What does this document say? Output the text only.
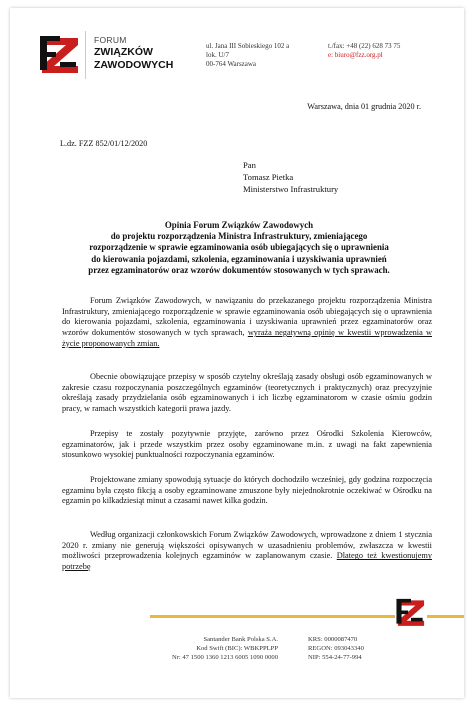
FORUM
ZWIĄZKÓW
ZAWODOWYCH
ul. Jana III Sobieskiego 102 a
lok. U/7
00-764 Warszawa
t./fax: +48 (22) 628 73 75
e: biuro@fzz.org.pl
Warszawa, dnia 01 grudnia 2020 r.
L.dz. FZZ 852/01/12/2020
Pan
Tomasz Pietka
Ministerstwo Infrastruktury
Opinia Forum Związków Zawodowych
do projektu rozporządzenia Ministra Infrastruktury, zmieniającego
rozporządzenie w sprawie egzaminowania osób ubiegających się o uprawnienia
do kierowania pojazdami, szkolenia, egzaminowania i uzyskiwania uprawnień
przez egzaminatorów oraz wzorów dokumentów stosowanych w tych sprawach.
Forum Związków Zawodowych, w nawiązaniu do przekazanego projektu rozporządzenia Ministra Infrastruktury, zmieniającego rozporządzenie w sprawie egzaminowania osób ubiegających się o uprawnienia do kierowania pojazdami, szkolenia, egzaminowania i uzyskiwania uprawnień przez egzaminatorów oraz wzorów dokumentów stosowanych w tych sprawach, wyraża negatywną opinię w kwestii wprowadzenia w życie proponowanych zmian.
Obecnie obowiązujące przepisy w sposób czytelny określają zasady obsługi osób egzaminowanych w zakresie czasu rozpoczynania poszczególnych egzaminów (teoretycznych i praktycznych) oraz precyzyjnie określają zasady przydzielania osób egzaminowanych i ich liczbę egzaminatorom w czasie ośmiu godzin pracy, w ramach wszystkich kategorii prawa jazdy.
Przepisy te zostały pozytywnie przyjęte, zarówno przez Ośrodki Szkolenia Kierowców, egzaminatorów, jak i przede wszystkim przez osoby egzaminowane m.in. z uwagi na fakt zapewnienia stosunkowo wysokiej punktualności rozpoczynania egzaminów.
Projektowane zmiany spowodują sytuacje do których dochodziło wcześniej, gdy godzina rozpoczęcia egzaminu była często fikcją a osoby egzaminowane zmuszone były niejednokrotnie oczekiwać w Ośrodku na egzamin po kilkadziesiąt minut a czasami nawet kilka godzin.
Według organizacji członkowskich Forum Związków Zawodowych, wprowadzone z dniem 1 stycznia 2020 r. zmiany nie generują większości opisywanych w uzasadnieniu problemów, zwłaszcza w kwestii możliwości przeprowadzenia kolejnych egzaminów w zaplanowanym czasie. Dlatego też kwestionujemy potrzebę
Santander Bank Polska S.A.
Kod Swift (BIC): WBKPPLPP
Nr: 47 1500 1360 1213 6005 1090 0000
KRS: 0000087470
REGON: 093043340
NIP: 554-24-77-994
